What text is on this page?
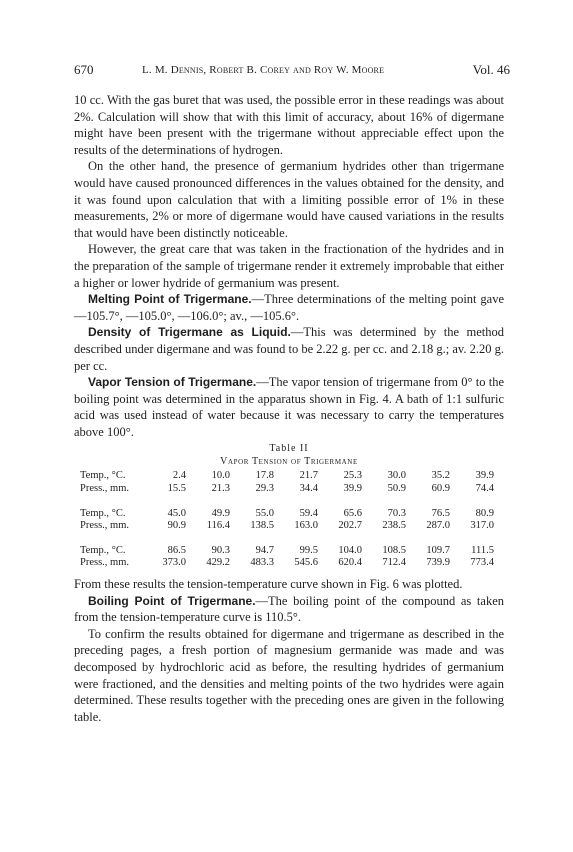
670	L. M. Dennis, Robert B. Corey and Roy W. Moore	Vol. 46

10 cc. With the gas buret that was used, the possible error in these readings was about 2%. Calculation will show that with this limit of accuracy, about 16% of digermane might have been present with the trigermane without appreciable effect upon the results of the determinations of hydrogen.

On the other hand, the presence of germanium hydrides other than trigermane would have caused pronounced differences in the values obtained for the density, and it was found upon calculation that with a limiting possible error of 1% in these measurements, 2% or more of digermane would have caused variations in the results that would have been distinctly noticeable.

However, the great care that was taken in the fractionation of the hydrides and in the preparation of the sample of trigermane render it extremely improbable that either a higher or lower hydride of germanium was present.

Melting Point of Trigermane.—Three determinations of the melting point gave —105.7°, —105.0°, —106.0°; av., —105.6°.

Density of Trigermane as Liquid.—This was determined by the method described under digermane and was found to be 2.22 g. per cc. and 2.18 g.; av. 2.20 g. per cc.

Vapor Tension of Trigermane.—The vapor tension of trigermane from 0° to the boiling point was determined in the apparatus shown in Fig. 4. A bath of 1:1 sulfuric acid was used instead of water because it was necessary to carry the temperatures above 100°.

Table II
Vapor Tension of Trigermane
Temp., °C.	2.4	10.0	17.8	21.7	25.3	30.0	35.2	39.9
Press., mm.	15.5	21.3	29.3	34.4	39.9	50.9	60.9	74.4

Temp., °C.	45.0	49.9	55.0	59.4	65.6	70.3	76.5	80.9
Press., mm.	90.9	116.4	138.5	163.0	202.7	238.5	287.0	317.0

Temp., °C.	86.5	90.3	94.7	99.5	104.0	108.5	109.7	111.5
Press., mm.	373.0	429.2	483.3	545.6	620.4	712.4	739.9	773.4

From these results the tension-temperature curve shown in Fig. 6 was plotted.

Boiling Point of Trigermane.—The boiling point of the compound as taken from the tension-temperature curve is 110.5°.

To confirm the results obtained for digermane and trigermane as described in the preceding pages, a fresh portion of magnesium germanide was made and was decomposed by hydrochloric acid as before, the resulting hydrides of germanium were fractioned, and the densities and melting points of the two hydrides were again determined. These results together with the preceding ones are given in the following table.
